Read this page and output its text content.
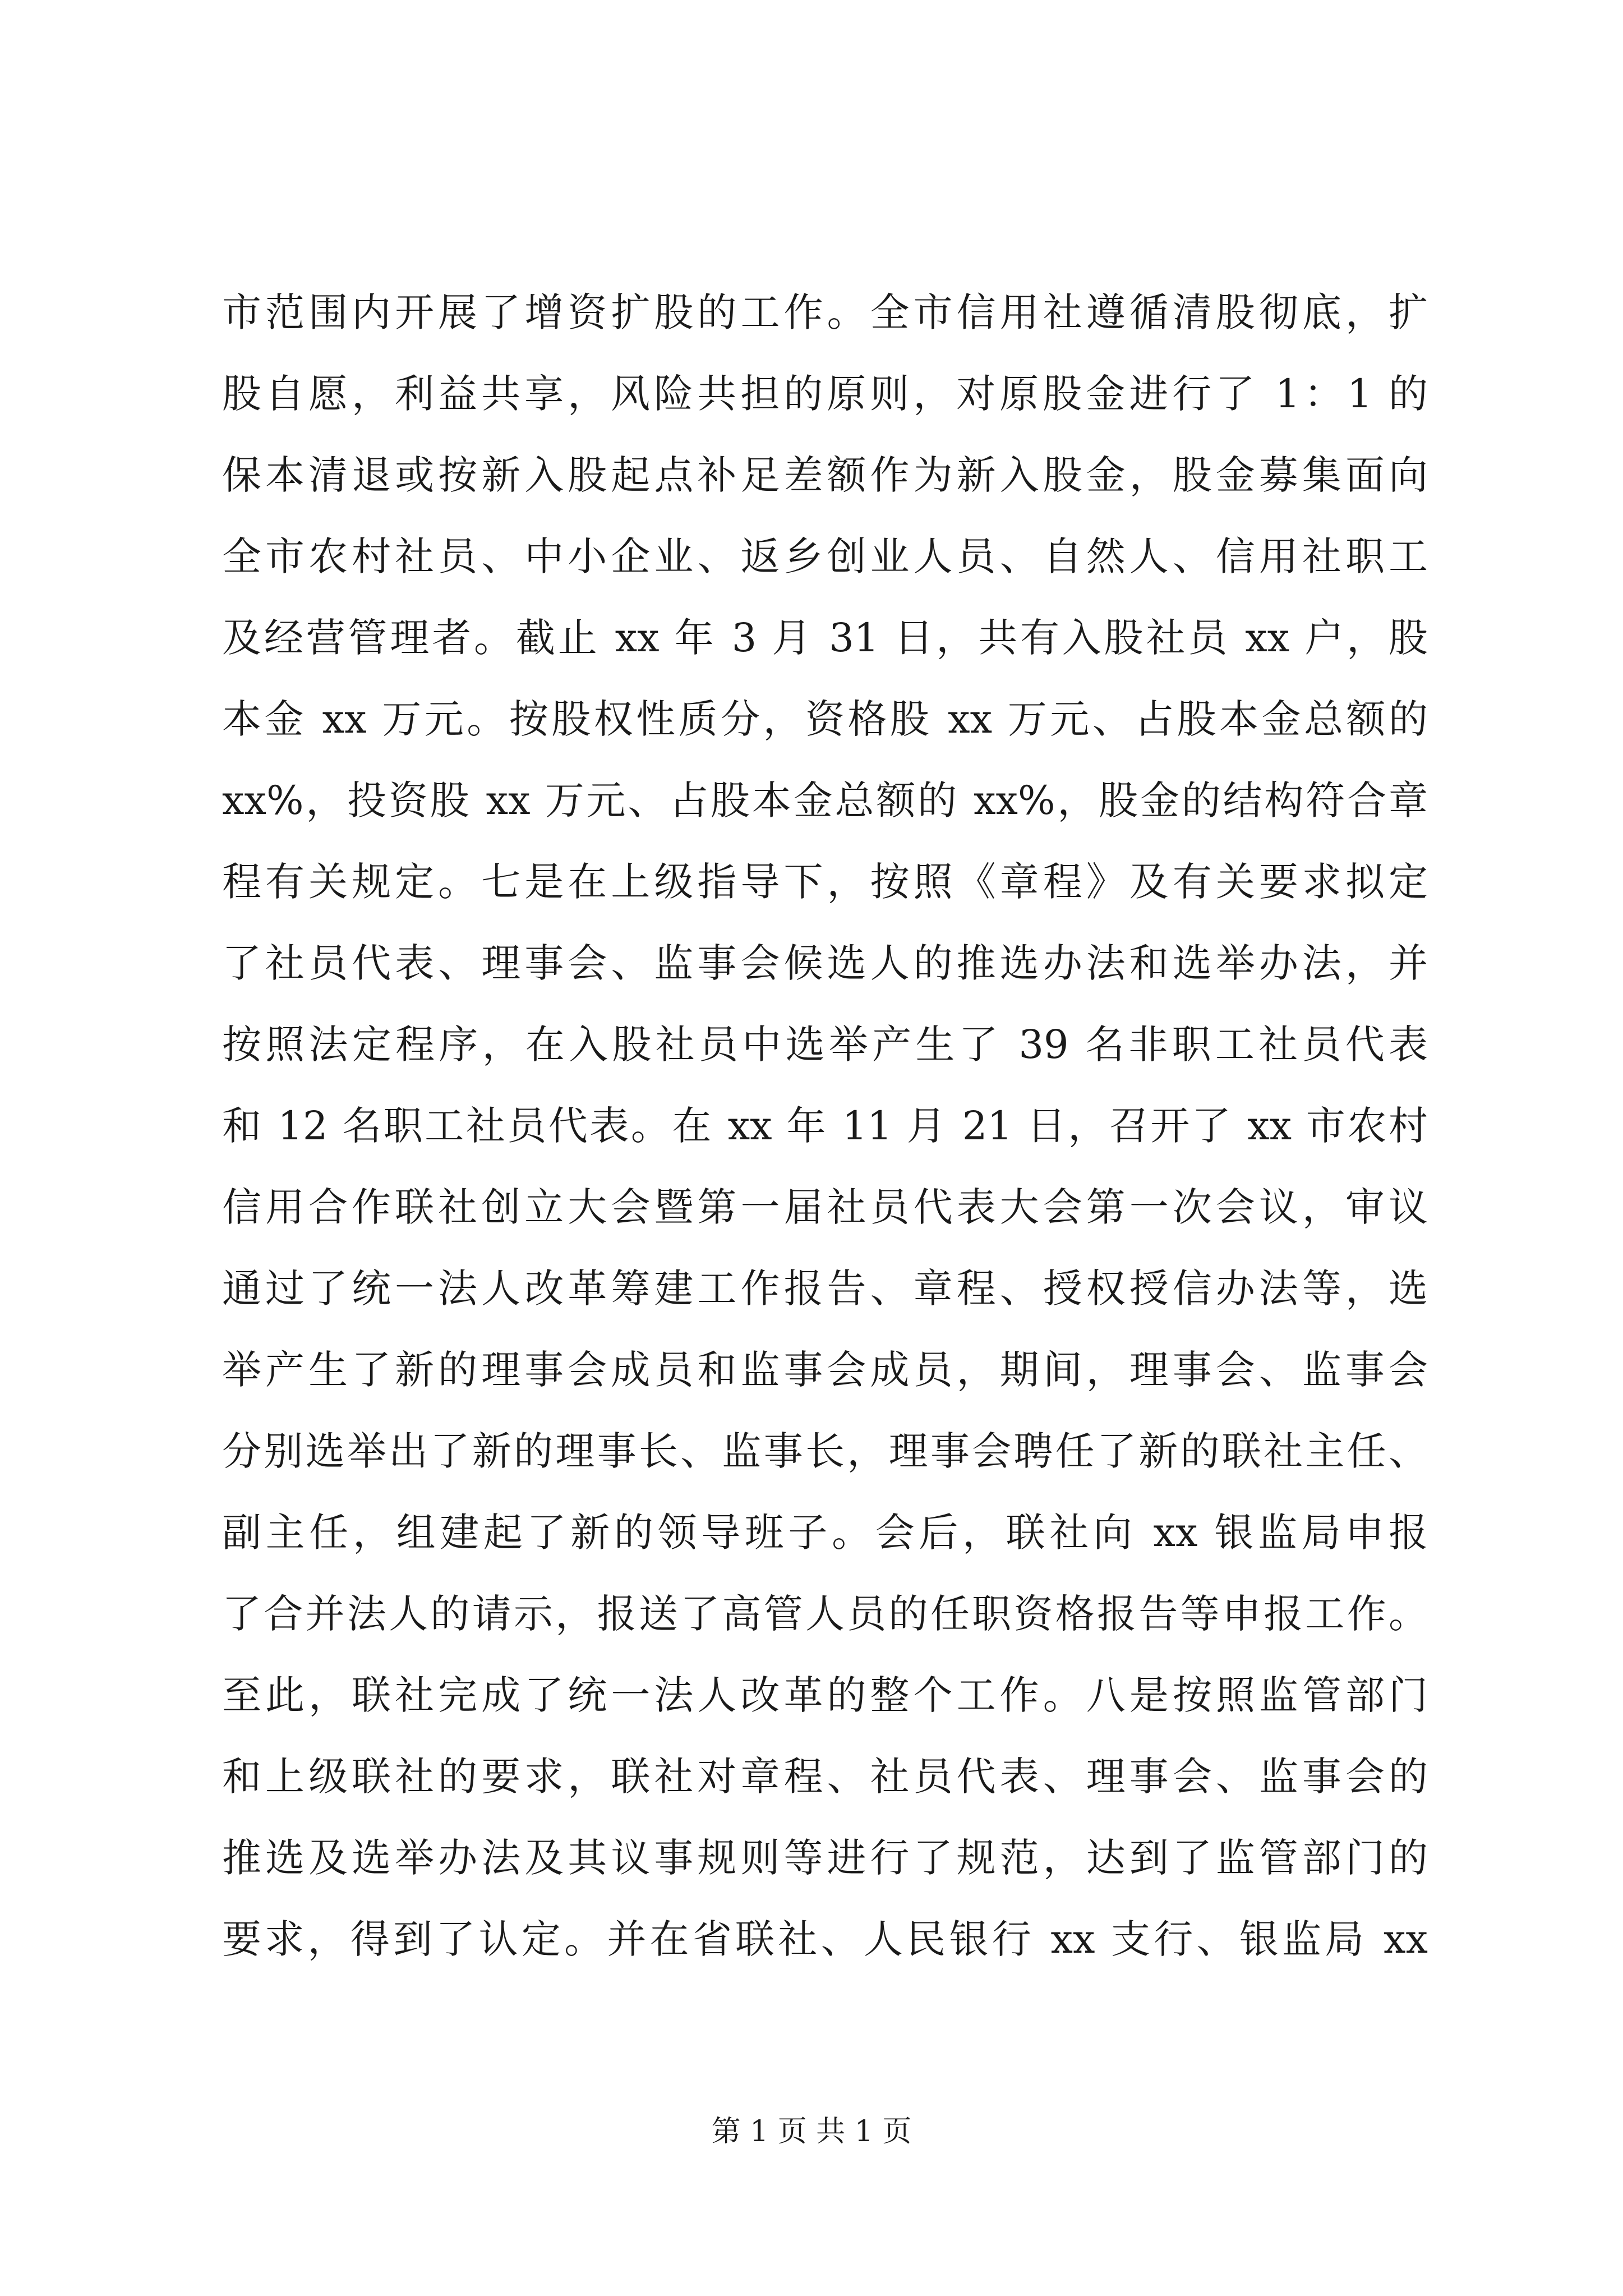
市范围内开展了增资扩股的工作。全市信用社遵循清股彻底，扩
股自愿，利益共享，风险共担的原则，对原股金进行了 1：1 的
保本清退或按新入股起点补足差额作为新入股金，股金募集面向
全市农村社员、中小企业、返乡创业人员、自然人、信用社职工
及经营管理者。截止 xx 年 3 月 31 日，共有入股社员 xx 户，股
本金 xx 万元。按股权性质分，资格股 xx 万元、占股本金总额的
xx%，投资股 xx 万元、占股本金总额的 xx%，股金的结构符合章
程有关规定。七是在上级指导下，按照《章程》及有关要求拟定
了社员代表、理事会、监事会候选人的推选办法和选举办法，并
按照法定程序，在入股社员中选举产生了 39 名非职工社员代表
和 12 名职工社员代表。在 xx 年 11 月 21 日，召开了 xx 市农村
信用合作联社创立大会暨第一届社员代表大会第一次会议，审议
通过了统一法人改革筹建工作报告、章程、授权授信办法等，选
举产生了新的理事会成员和监事会成员，期间，理事会、监事会
分别选举出了新的理事长、监事长，理事会聘任了新的联社主任、
副主任，组建起了新的领导班子。会后，联社向 xx 银监局申报
了合并法人的请示，报送了高管人员的任职资格报告等申报工作。
至此，联社完成了统一法人改革的整个工作。八是按照监管部门
和上级联社的要求，联社对章程、社员代表、理事会、监事会的
推选及选举办法及其议事规则等进行了规范，达到了监管部门的
要求，得到了认定。并在省联社、人民银行 xx 支行、银监局 xx
第 1 页 共 1 页
